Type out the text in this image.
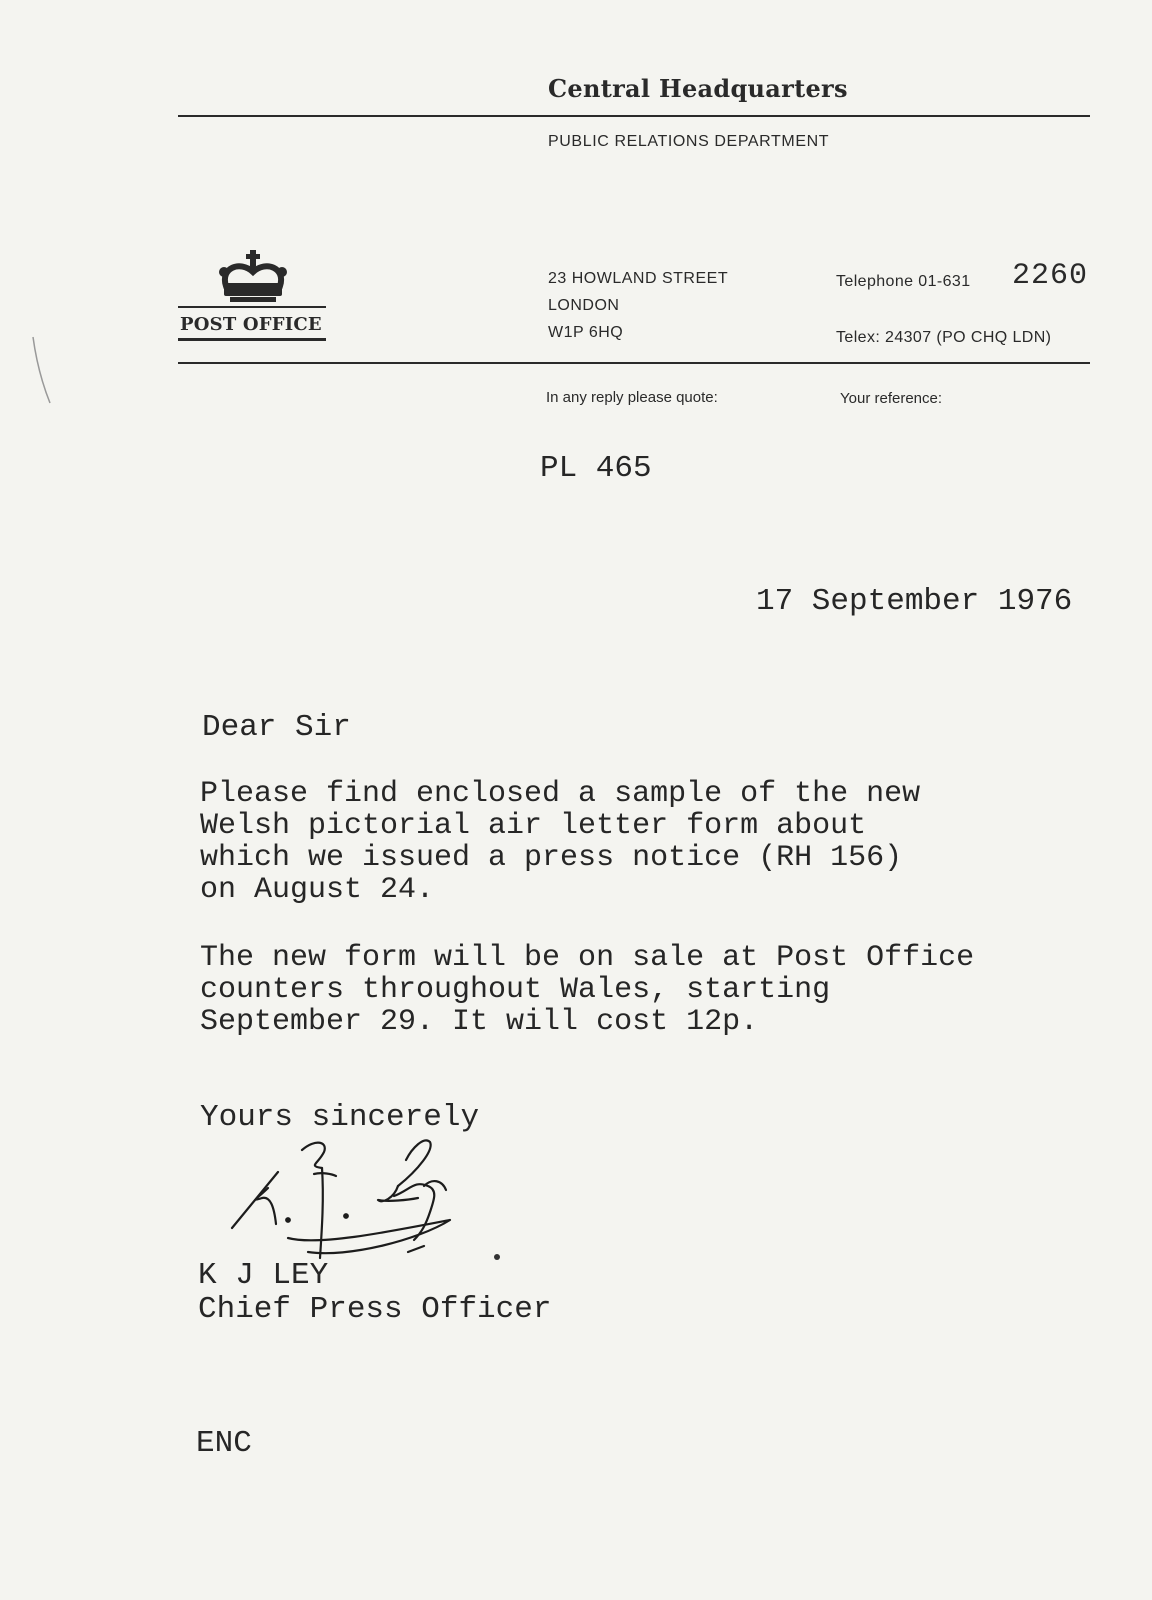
Central Headquarters
PUBLIC RELATIONS DEPARTMENT
POST OFFICE
23 HOWLAND STREET
LONDON
W1P 6HQ
Telephone 01-631 2260
Telex: 24307 (PO CHQ LDN)
In any reply please quote:	Your reference:
PL 465
17 September 1976
Dear Sir
Please find enclosed a sample of the new
Welsh pictorial air letter form about
which we issued a press notice (RH 156)
on August 24.
The new form will be on sale at Post Office
counters throughout Wales, starting
September 29. It will cost 12p.
Yours sincerely
K J LEY
Chief Press Officer
ENC
